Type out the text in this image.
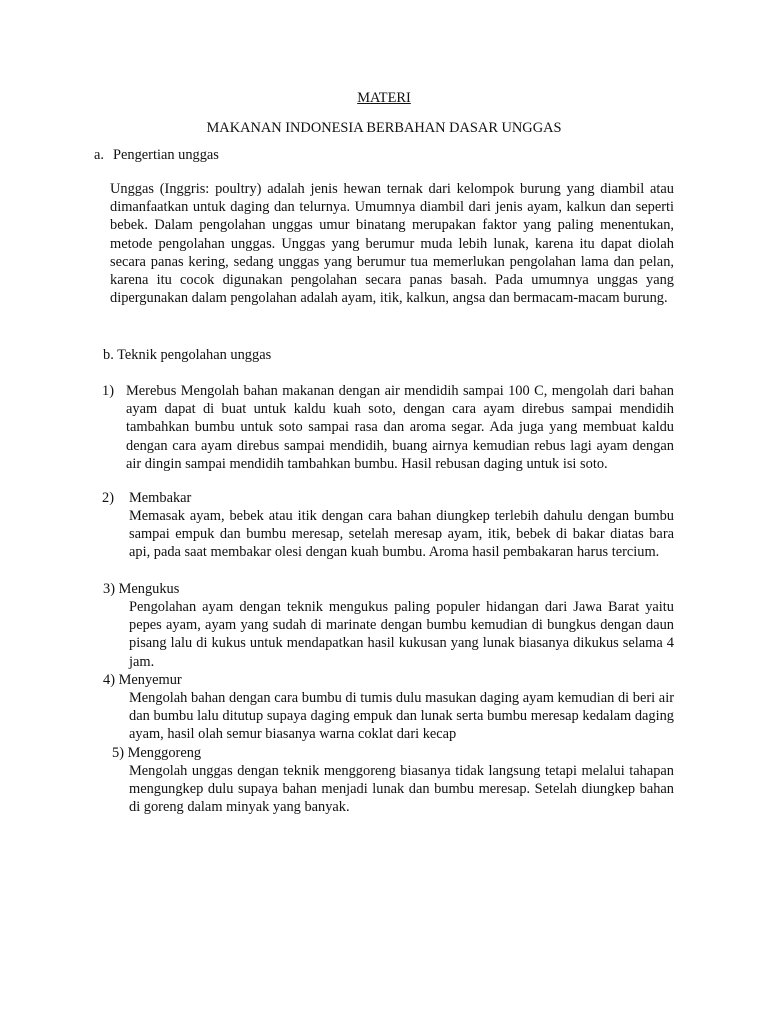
MATERI
MAKANAN INDONESIA BERBAHAN DASAR UNGGAS
a. Pengertian unggas
Unggas (Inggris: poultry) adalah jenis hewan ternak dari kelompok burung yang diambil atau dimanfaatkan untuk daging dan telurnya. Umumnya diambil dari jenis ayam, kalkun dan seperti bebek. Dalam pengolahan unggas umur binatang merupakan faktor yang paling menentukan, metode pengolahan unggas. Unggas yang berumur muda lebih lunak, karena itu dapat diolah secara panas kering, sedang unggas yang berumur tua memerlukan pengolahan lama dan pelan, karena itu cocok digunakan pengolahan secara panas basah. Pada umumnya unggas yang dipergunakan dalam pengolahan adalah ayam, itik, kalkun, angsa dan bermacam-macam burung.
b. Teknik pengolahan unggas
1) Merebus Mengolah bahan makanan dengan air mendidih sampai 100 C, mengolah dari bahan ayam dapat di buat untuk kaldu kuah soto, dengan cara ayam direbus sampai mendidih tambahkan bumbu untuk soto sampai rasa dan aroma segar. Ada juga yang membuat kaldu dengan cara ayam direbus sampai mendidih, buang airnya kemudian rebus lagi ayam dengan air dingin sampai mendidih tambahkan bumbu. Hasil rebusan daging untuk isi soto.
2) Membakar
Memasak ayam, bebek atau itik dengan cara bahan diungkep terlebih dahulu dengan bumbu sampai empuk dan bumbu meresap, setelah meresap ayam, itik, bebek di bakar diatas bara api, pada saat membakar olesi dengan kuah bumbu. Aroma hasil pembakaran harus tercium.
3) Mengukus
Pengolahan ayam dengan teknik mengukus paling populer hidangan dari Jawa Barat yaitu pepes ayam, ayam yang sudah di marinate dengan bumbu kemudian di bungkus dengan daun pisang lalu di kukus untuk mendapatkan hasil kukusan yang lunak biasanya dikukus selama 4 jam.
4) Menyemur
Mengolah bahan dengan cara bumbu di tumis dulu masukan daging ayam kemudian di beri air dan bumbu lalu ditutup supaya daging empuk dan lunak serta bumbu meresap kedalam daging ayam, hasil olah semur biasanya warna coklat dari kecap
5) Menggoreng
Mengolah unggas dengan teknik menggoreng biasanya tidak langsung tetapi melalui tahapan mengungkep dulu supaya bahan menjadi lunak dan bumbu meresap. Setelah diungkep bahan di goreng dalam minyak yang banyak.
